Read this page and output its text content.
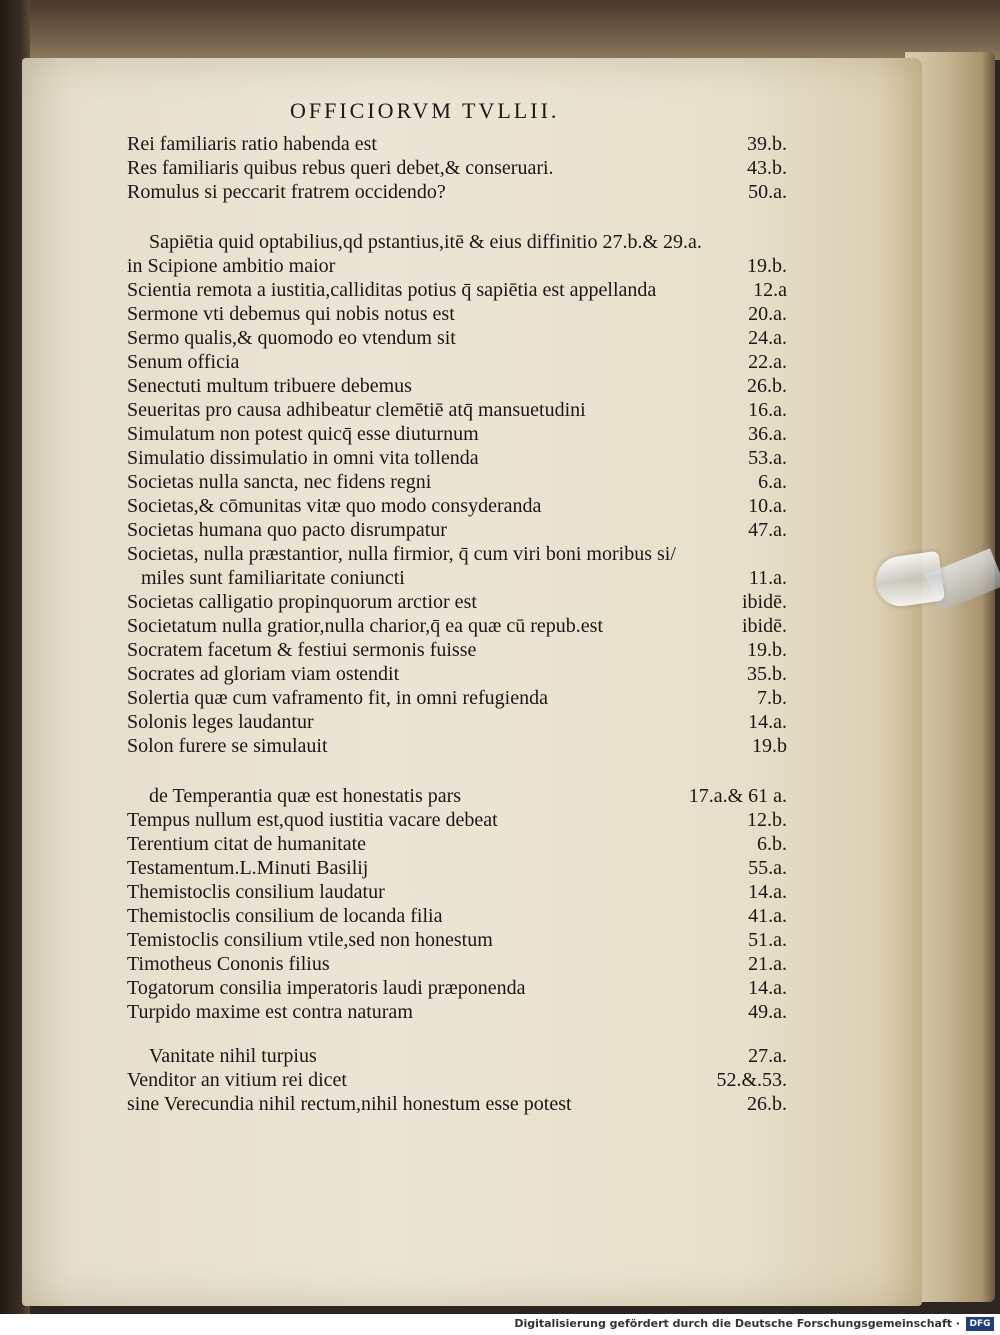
OFFICIORVM TVLLII.
Rei familiaris ratio habenda est	39.b.
Res familiaris quibus rebus queri debet,& conseruari.	43.b.
Romulus si peccarit fratrem occidendo?	50.a.
Sapiētia quid optabilius,qd pstantius,itē & eius diffinitio 27.b.& 29.a.
in Scipione ambitio maior	19.b.
Scientia remota a iustitia,calliditas potius q̄ sapiētia est appellanda	12.a
Sermone vti debemus qui nobis notus est	20.a.
Sermo qualis,& quomodo eo vtendum sit	24.a.
Senum officia	22.a.
Senectuti multum tribuere debemus	26.b.
Seueritas pro causa adhibeatur clemētiē atq̄ mansuetudini	16.a.
Simulatum non potest quicq̄ esse diuturnum	36.a.
Simulatio dissimulatio in omni vita tollenda	53.a.
Societas nulla sancta, nec fidens regni	6.a.
Societas,& cōmunitas vitæ quo modo consyderanda	10.a.
Societas humana quo pacto disrumpatur	47.a.
Societas, nulla præstantior, nulla firmior, q̄ cum viri boni moribus si/
miles sunt familiaritate coniuncti	11.a.
Societas calligatio propinquorum arctior est	ibidē.
Societatum nulla gratior,nulla charior,q̄ ea quæ cū repub.est	ibidē.
Socratem facetum & festiui sermonis fuisse	19.b.
Socrates ad gloriam viam ostendit	35.b.
Solertia quæ cum vaframento fit, in omni refugienda	7.b.
Solonis leges laudantur	14.a.
Solon furere se simulauit	19.b
de Temperantia quæ est honestatis pars	17.a.& 61 a.
Tempus nullum est,quod iustitia vacare debeat	12.b.
Terentium citat de humanitate	6.b.
Testamentum.L.Minuti Basilij	55.a.
Themistoclis consilium laudatur	14.a.
Themistoclis consilium de locanda filia	41.a.
Temistoclis consilium vtile,sed non honestum	51.a.
Timotheus Cononis filius	21.a.
Togatorum consilia imperatoris laudi præponenda	14.a.
Turpido maxime est contra naturam	49.a.
Vanitate nihil turpius	27.a.
Venditor an vitium rei dicet	52.&.53.
sine Verecundia nihil rectum,nihil honestum esse potest	26.b.
Digitalisierung gefördert durch die Deutsche Forschungsgemeinschaft ·	DFG
